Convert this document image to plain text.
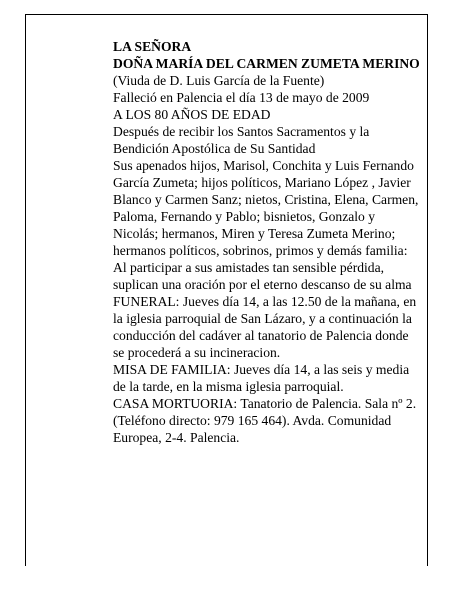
LA SEÑORA

DOÑA MARÍA DEL CARMEN ZUMETA MERINO

(Viuda de D. Luis García de la Fuente)

Falleció en Palencia el día 13 de mayo de 2009

A LOS 80 AÑOS DE EDAD

Después de recibir los Santos Sacramentos y la Bendición Apostólica de Su Santidad

Sus apenados hijos, Marisol, Conchita y Luis Fernando García Zumeta; hijos políticos, Mariano López , Javier Blanco y Carmen Sanz; nietos, Cristina, Elena, Carmen, Paloma, Fernando y Pablo; bisnietos, Gonzalo y Nicolás; hermanos, Miren y Teresa Zumeta Merino; hermanos políticos, sobrinos, primos y demás familia:

Al participar a sus amistades tan sensible pérdida, suplican una oración por el eterno descanso de su alma

FUNERAL: Jueves día 14, a las 12.50 de la mañana, en la iglesia parroquial de San Lázaro, y a continuación la conducción del cadáver al tanatorio de Palencia donde se procederá a su incineracion.

MISA DE FAMILIA: Jueves día 14, a las seis y media de la tarde, en la misma iglesia parroquial.

CASA MORTUORIA: Tanatorio de Palencia. Sala nº 2.

(Teléfono directo: 979 165 464). Avda. Comunidad Europea, 2-4. Palencia.
